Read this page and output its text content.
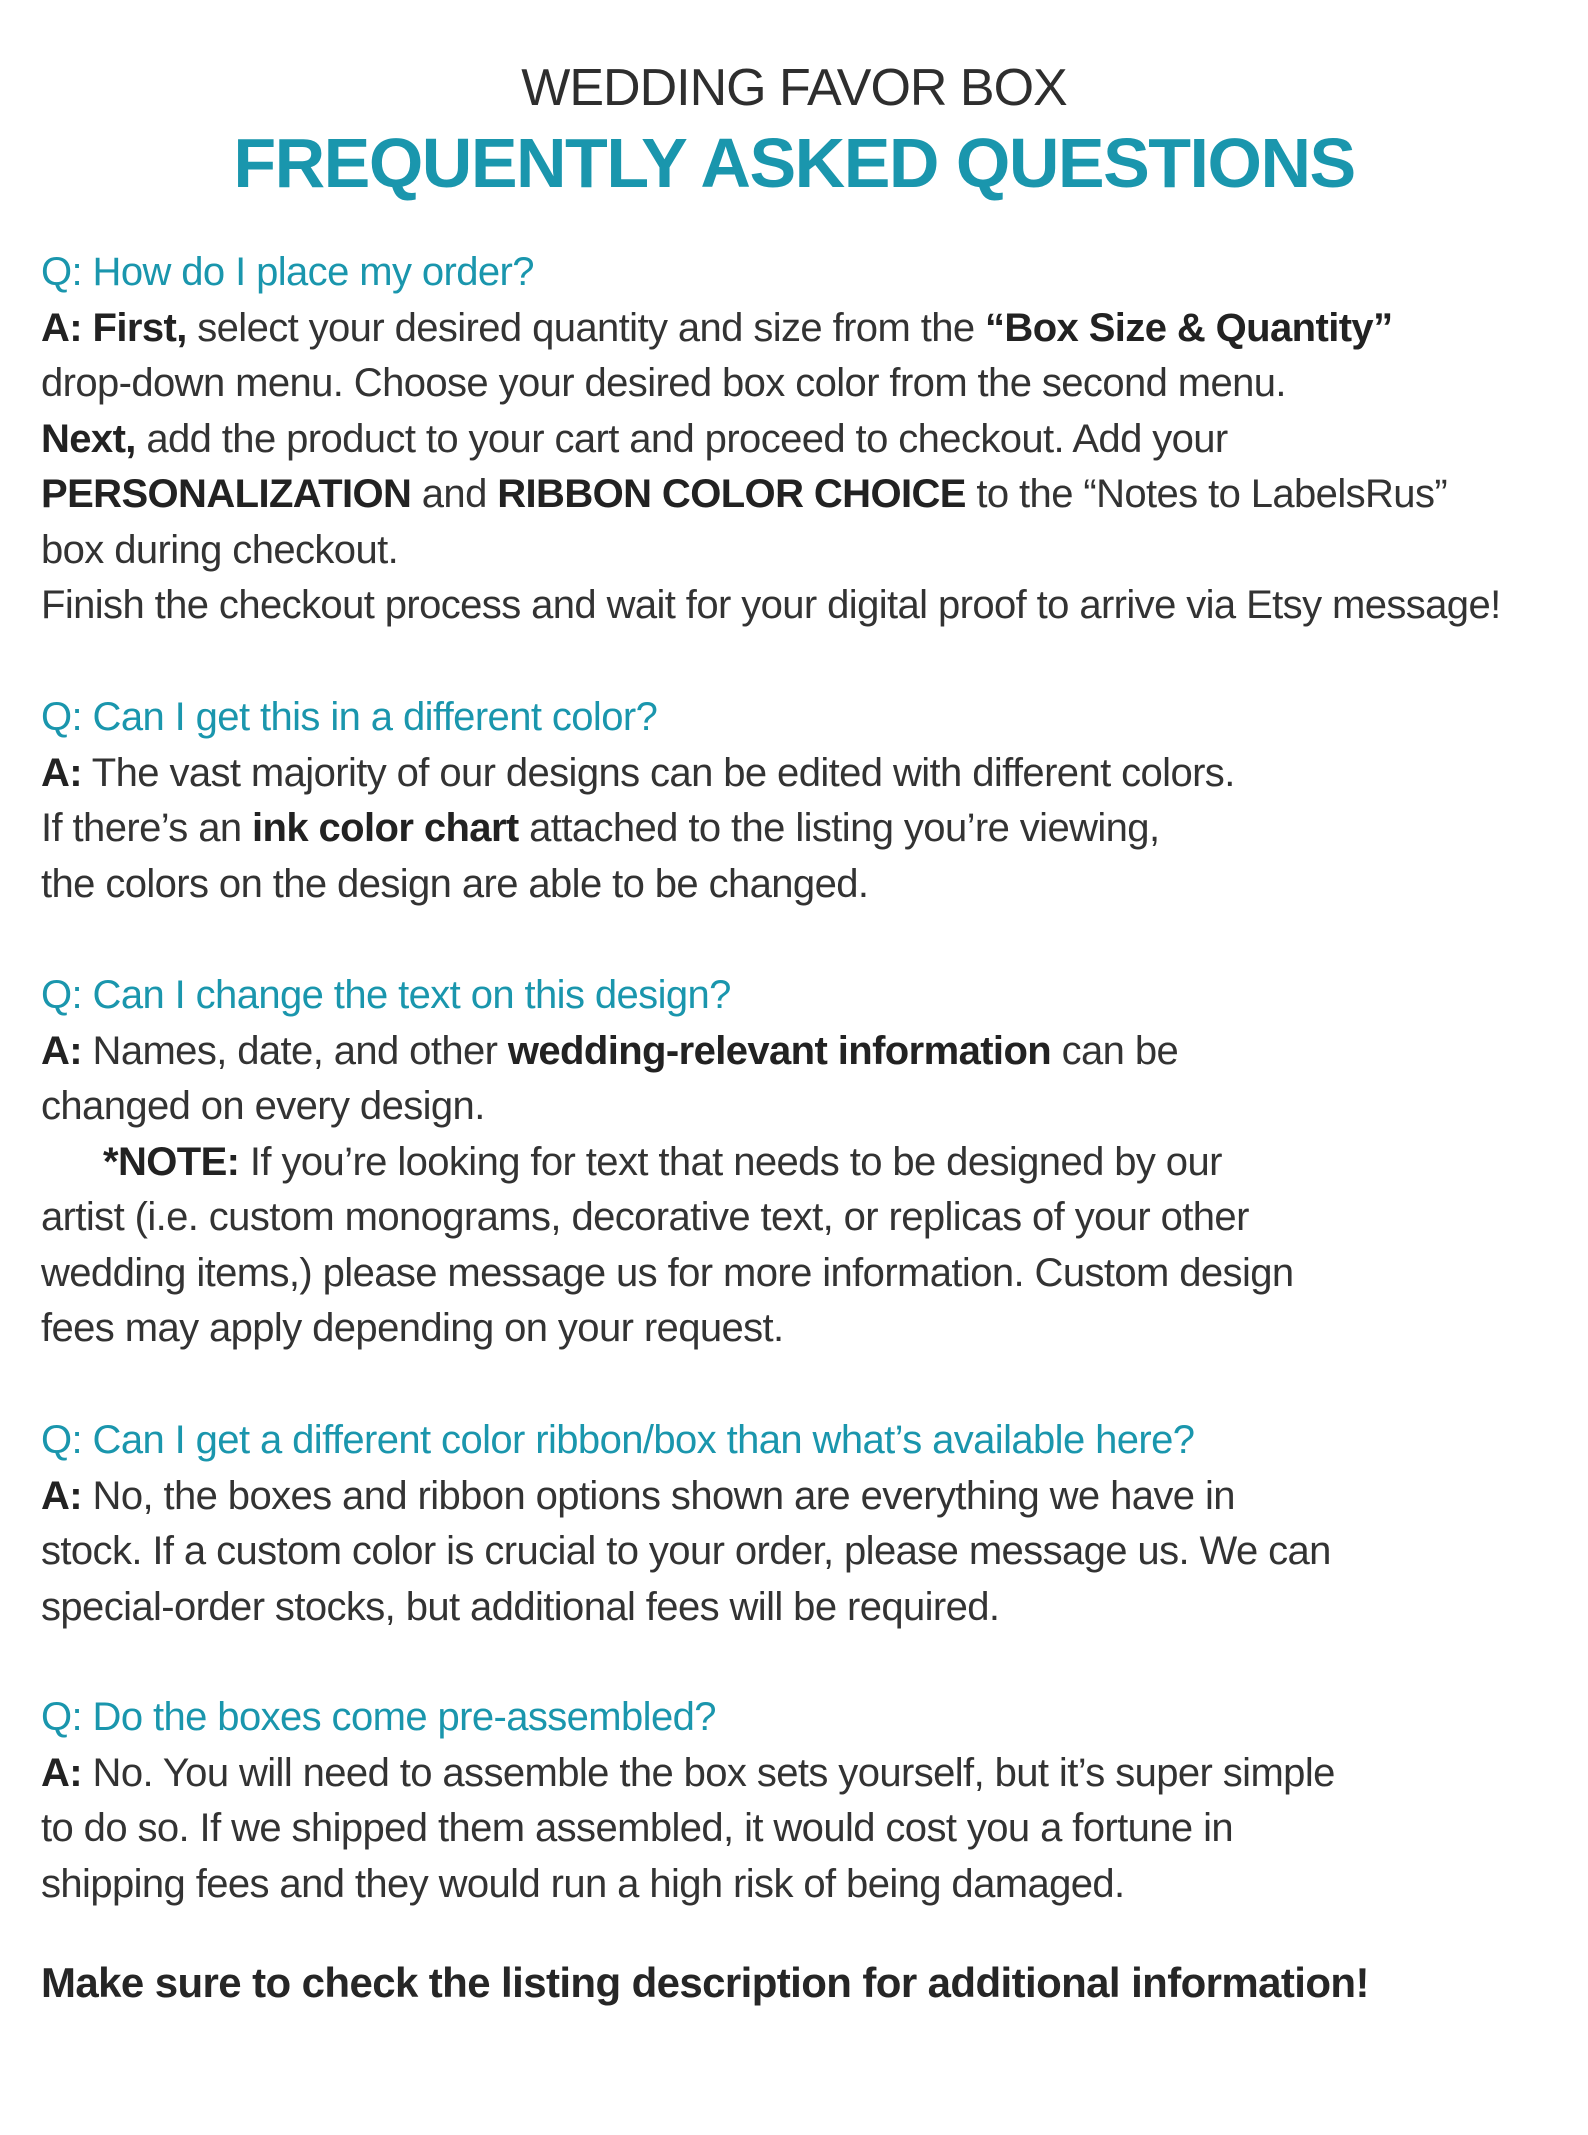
WEDDING FAVOR BOX
FREQUENTLY ASKED QUESTIONS
Q: How do I place my order?
A: First, select your desired quantity and size from the “Box Size & Quantity”
drop-down menu. Choose your desired box color from the second menu.
Next, add the product to your cart and proceed to checkout. Add your
PERSONALIZATION and RIBBON COLOR CHOICE to the “Notes to LabelsRus”
box during checkout.
Finish the checkout process and wait for your digital proof to arrive via Etsy message!
Q: Can I get this in a different color?
A: The vast majority of our designs can be edited with different colors.
If there’s an ink color chart attached to the listing you’re viewing,
the colors on the design are able to be changed.
Q: Can I change the text on this design?
A: Names, date, and other wedding-relevant information can be
changed on every design.
*NOTE: If you’re looking for text that needs to be designed by our
artist (i.e. custom monograms, decorative text, or replicas of your other
wedding items,) please message us for more information. Custom design
fees may apply depending on your request.
Q: Can I get a different color ribbon/box than what’s available here?
A: No, the boxes and ribbon options shown are everything we have in
stock. If a custom color is crucial to your order, please message us. We can
special-order stocks, but additional fees will be required.
Q: Do the boxes come pre-assembled?
A: No. You will need to assemble the box sets yourself, but it’s super simple
to do so. If we shipped them assembled, it would cost you a fortune in
shipping fees and they would run a high risk of being damaged.
Make sure to check the listing description for additional information!
